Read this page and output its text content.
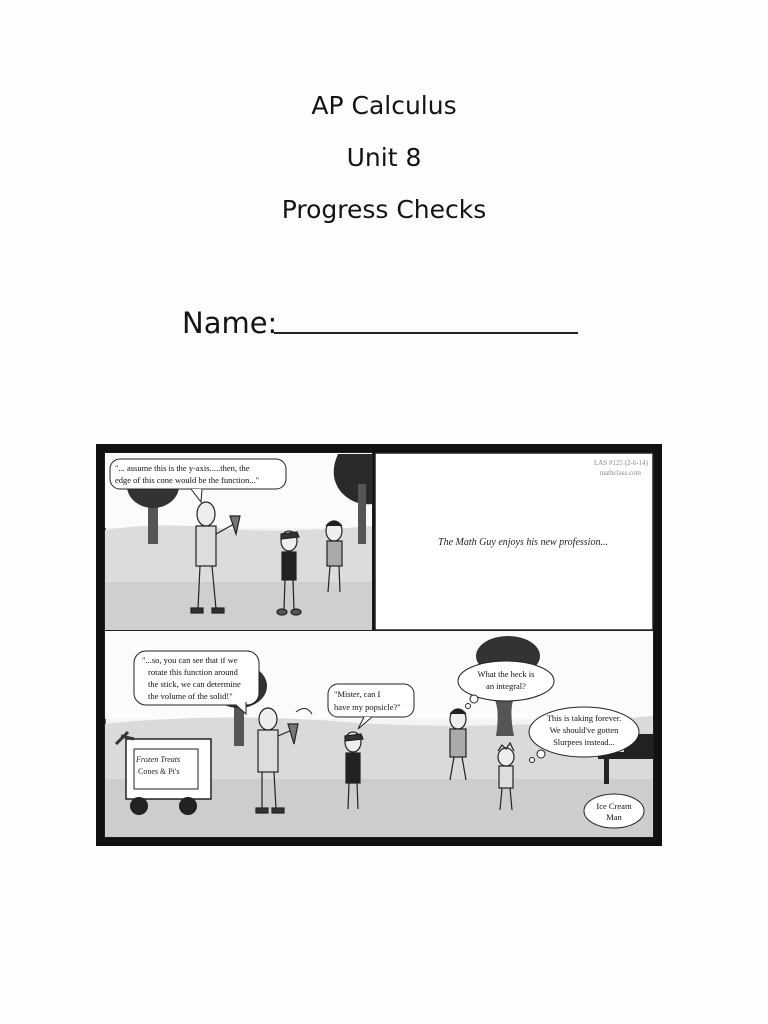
AP Calculus
Unit 8
Progress Checks
Name:
"... assume this is the y-axis.....then, the
edge of this cone would be the function..."
LAS #125 (2-6-14)
mathclass.com
The Math Guy enjoys his new profession...
Frozen Treats
Cones & Pi's
"...so, you can see that if we
rotate this function around
the stick, we can determine
the volume of the solid!"	"Mister, can I
have my popsicle?"
What the heck is
an integral?
This is taking forever.
We should've gotten
Slurpees instead...
Ice Cream
Man
